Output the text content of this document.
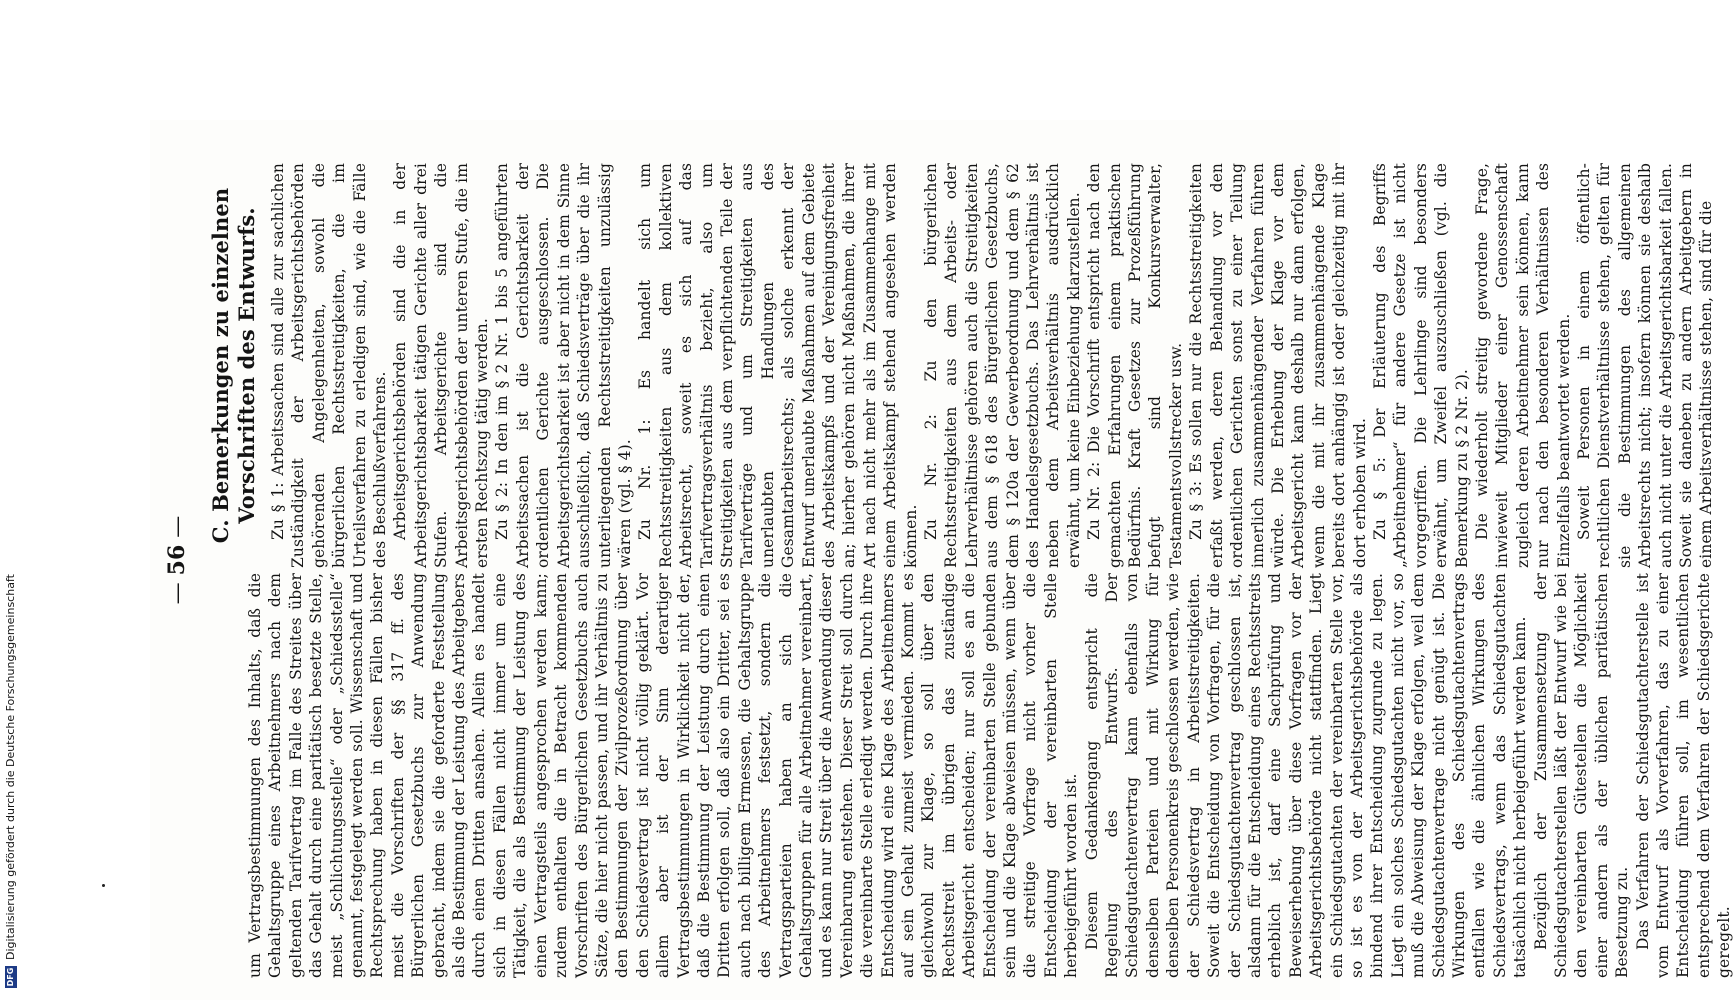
DFG
Digitalisierung gefördert durch die Deutsche Forschungsgemeinschaft
— 56 —

um Vertragsbestimmungen des Inhalts, daß die Gehaltsgruppe eines Arbeitnehmers nach dem geltenden Tarifvertrag im Falle des Streites über das Gehalt durch eine paritätisch besetzte Stelle, meist „Schlichtungsstelle“ oder „Schiedsstelle“ genannt, festgelegt werden soll. Wissenschaft und Rechtsprechung haben in diesen Fällen bisher meist die Vorschriften der §§ 317 ff. des Bürgerlichen Gesetzbuchs zur Anwendung gebracht, indem sie die geforderte Feststellung als die Bestimmung der Leistung des Arbeitgebers durch einen Dritten ansahen. Allein es handelt sich in diesen Fällen nicht immer um eine Tätigkeit, die als Bestimmung der Leistung des einen Vertragsteils angesprochen werden kann; zudem enthalten die in Betracht kommenden Vorschriften des Bürgerlichen Gesetzbuchs auch Sätze, die hier nicht passen, und ihr Verhältnis zu den Bestimmungen der Zivilprozeßordnung über den Schiedsvertrag ist nicht völlig geklärt. Vor allem aber ist der Sinn derartiger Vertragsbestimmungen in Wirklichkeit nicht der, daß die Bestimmung der Leistung durch einen Dritten erfolgen soll, daß also ein Dritter, sei es auch nach billigem Ermessen, die Gehaltsgruppe des Arbeitnehmers festsetzt, sondern die Vertragsparteien haben an sich die Gehaltsgruppen für alle Arbeitnehmer vereinbart, und es kann nur Streit über die Anwendung dieser Vereinbarung entstehen. Dieser Streit soll durch die vereinbarte Stelle erledigt werden. Durch ihre Entscheidung wird eine Klage des Arbeitnehmers auf sein Gehalt zumeist vermieden. Kommt es gleichwohl zur Klage, so soll über den Rechtsstreit im übrigen das zuständige Arbeitsgericht entscheiden; nur soll es an die Entscheidung der vereinbarten Stelle gebunden sein und die Klage abweisen müssen, wenn über die streitige Vorfrage nicht vorher die Entscheidung der vereinbarten Stelle herbeigeführt worden ist. Diesem Gedankengang entspricht die Regelung des Entwurfs. Der Schiedsgutachtenvertrag kann ebenfalls von denselben Parteien und mit Wirkung für denselben Personenkreis geschlossen werden, wie der Schiedsvertrag in Arbeitsstreitigkeiten. Soweit die Entscheidung von Vorfragen, für die der Schiedsgutachtenvertrag geschlossen ist, alsdann für die Entscheidung eines Rechtsstreits erheblich ist, darf eine Sachprüfung und Beweiserhebung über diese Vorfragen vor der Arbeitsgerichtsbehörde nicht stattfinden. Liegt ein Schiedsgutachten der vereinbarten Stelle vor, so ist es von der Arbeitsgerichtsbehörde als bindend ihrer Entscheidung zugrunde zu legen. Liegt ein solches Schiedsgutachten nicht vor, so muß die Abweisung der Klage erfolgen, weil dem Schiedsgutachtenvertrage nicht genügt ist. Die Wirkungen des Schiedsgutachtenvertrags entfallen wie die ähnlichen Wirkungen des Schiedsvertrags, wenn das Schiedsgutachten tatsächlich nicht herbeigeführt werden kann. Bezüglich der Zusammensetzung der Schiedsgutachterstellen läßt der Entwurf wie bei den vereinbarten Gütestellen die Möglichkeit einer andern als der üblichen paritätischen Besetzung zu. Das Verfahren der Schiedsgutachterstelle ist vom Entwurf als Vorverfahren, das zu einer Entscheidung führen soll, im wesentlichen entsprechend dem Verfahren der Schiedsgerichte geregelt.

C. Bemerkungen zu einzelnen Vorschriften des Entwurfs. Zu § 1: Arbeitssachen sind alle zur sachlichen Zuständigkeit der Arbeitsgerichtsbehörden gehörenden Angelegenheiten, sowohl die bürgerlichen Rechtsstreitigkeiten, die im Urteilsverfahren zu erledigen sind, wie die Fälle des Beschlußverfahrens. Arbeitsgerichtsbehörden sind die in der Arbeitsgerichtsbarkeit tätigen Gerichte aller drei Stufen. Arbeitsgerichte sind die Arbeitsgerichtsbehörden der unteren Stufe, die im ersten Rechtszug tätig werden. Zu § 2: In den im § 2 Nr. 1 bis 5 angeführten Arbeitssachen ist die Gerichtsbarkeit der ordentlichen Gerichte ausgeschlossen. Die Arbeitsgerichtsbarkeit ist aber nicht in dem Sinne ausschließlich, daß Schiedsverträge über die ihr unterliegenden Rechtsstreitigkeiten unzulässig wären (vgl. § 4). Zu Nr. 1: Es handelt sich um Rechtsstreitigkeiten aus dem kollektiven Arbeitsrecht, soweit es sich auf das Tarifvertragsverhältnis bezieht, also um Streitigkeiten aus dem verpflichtenden Teile der Tarifverträge und um Streitigkeiten aus unerlaubten Handlungen des Gesamtarbeitsrechts; als solche erkennt der Entwurf unerlaubte Maßnahmen auf dem Gebiete des Arbeitskampfs und der Vereinigungsfreiheit an; hierher gehören nicht Maßnahmen, die ihrer Art nach nicht mehr als im Zusammenhange mit einem Arbeitskampf stehend angesehen werden können. Zu Nr. 2: Zu den bürgerlichen Rechtsstreitigkeiten aus dem Arbeits- oder Lehrverhältnisse gehören auch die Streitigkeiten aus dem § 618 des Bürgerlichen Gesetzbuchs, dem § 120a der Gewerbeordnung und dem § 62 des Handelsgesetzbuchs. Das Lehrverhältnis ist neben dem Arbeitsverhältnis ausdrücklich erwähnt, um keine Einbeziehung klarzustellen. Zu Nr. 2: Die Vorschrift entspricht nach den gemachten Erfahrungen einem praktischen Bedürfnis. Kraft Gesetzes zur Prozeßführung befugt sind Konkursverwalter, Testamentsvollstrecker usw. Zu § 3: Es sollen nur die Rechtsstreitigkeiten erfaßt werden, deren Behandlung vor den ordentlichen Gerichten sonst zu einer Teilung innerlich zusammenhängender Verfahren führen würde. Die Erhebung der Klage vor dem Arbeitsgericht kann deshalb nur dann erfolgen, wenn die mit ihr zusammenhängende Klage bereits dort anhängig ist oder gleichzeitig mit ihr dort erhoben wird. Zu § 5: Der Erläuterung des Begriffs „Arbeitnehmer“ für andere Gesetze ist nicht vorgegriffen. Die Lehrlinge sind besonders erwähnt, um Zweifel auszuschließen (vgl. die Bemerkung zu § 2 Nr. 2). Die wiederholt streitig gewordene Frage, inwieweit Mitglieder einer Genossenschaft zugleich deren Arbeitnehmer sein können, kann nur nach den besonderen Verhältnissen des Einzelfalls beantwortet werden. Soweit Personen in einem öffentlich-rechtlichen Dienstverhältnisse stehen, gelten für sie die Bestimmungen des allgemeinen Arbeitsrechts nicht; insofern können sie deshalb auch nicht unter die Arbeitsgerichtsbarkeit fallen. Soweit sie daneben zu andern Arbeitgebern in einem Arbeitsverhältnisse stehen, sind für die
